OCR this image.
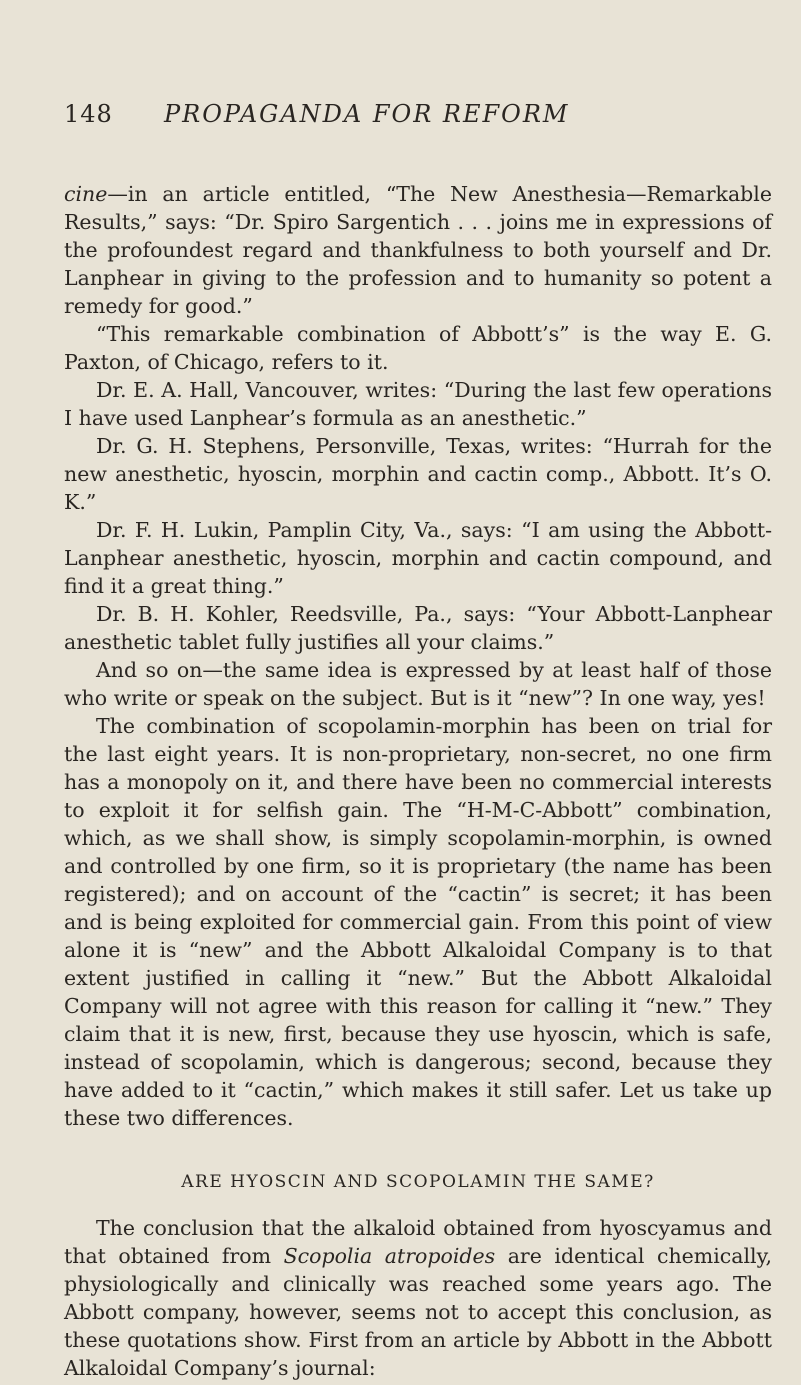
148 PROPAGANDA FOR REFORM

cine—in an article entitled, “The New Anesthesia—Remarkable Results,” says: “Dr. Spiro Sargentich . . . joins me in expressions of the profoundest regard and thankfulness to both yourself and Dr. Lanphear in giving to the profession and to humanity so potent a remedy for good.”

“This remarkable combination of Abbott’s” is the way E. G. Paxton, of Chicago, refers to it.

Dr. E. A. Hall, Vancouver, writes: “During the last few operations I have used Lanphear’s formula as an anesthetic.”

Dr. G. H. Stephens, Personville, Texas, writes: “Hurrah for the new anesthetic, hyoscin, morphin and cactin comp., Abbott. It’s O. K.”

Dr. F. H. Lukin, Pamplin City, Va., says: “I am using the Abbott-Lanphear anesthetic, hyoscin, morphin and cactin compound, and find it a great thing.”

Dr. B. H. Kohler, Reedsville, Pa., says: “Your Abbott-Lanphear anesthetic tablet fully justifies all your claims.”

And so on—the same idea is expressed by at least half of those who write or speak on the subject. But is it “new”? In one way, yes!

The combination of scopolamin-morphin has been on trial for the last eight years. It is non-proprietary, non-secret, no one firm has a monopoly on it, and there have been no commercial interests to exploit it for selfish gain. The “H-M-C-Abbott” combination, which, as we shall show, is simply scopolamin-morphin, is owned and controlled by one firm, so it is proprietary (the name has been registered); and on account of the “cactin” is secret; it has been and is being exploited for commercial gain. From this point of view alone it is “new” and the Abbott Alkaloidal Company is to that extent justified in calling it “new.” But the Abbott Alkaloidal Company will not agree with this reason for calling it “new.” They claim that it is new, first, because they use hyoscin, which is safe, instead of scopolamin, which is dangerous; second, because they have added to it “cactin,” which makes it still safer. Let us take up these two differences.

ARE HYOSCIN AND SCOPOLAMIN THE SAME?

The conclusion that the alkaloid obtained from hyoscyamus and that obtained from Scopolia atropoides are identical chemically, physiologically and clinically was reached some years ago. The Abbott company, however, seems not to accept this conclusion, as these quotations show. First from an article by Abbott in the Abbott Alkaloidal Company’s journal:
